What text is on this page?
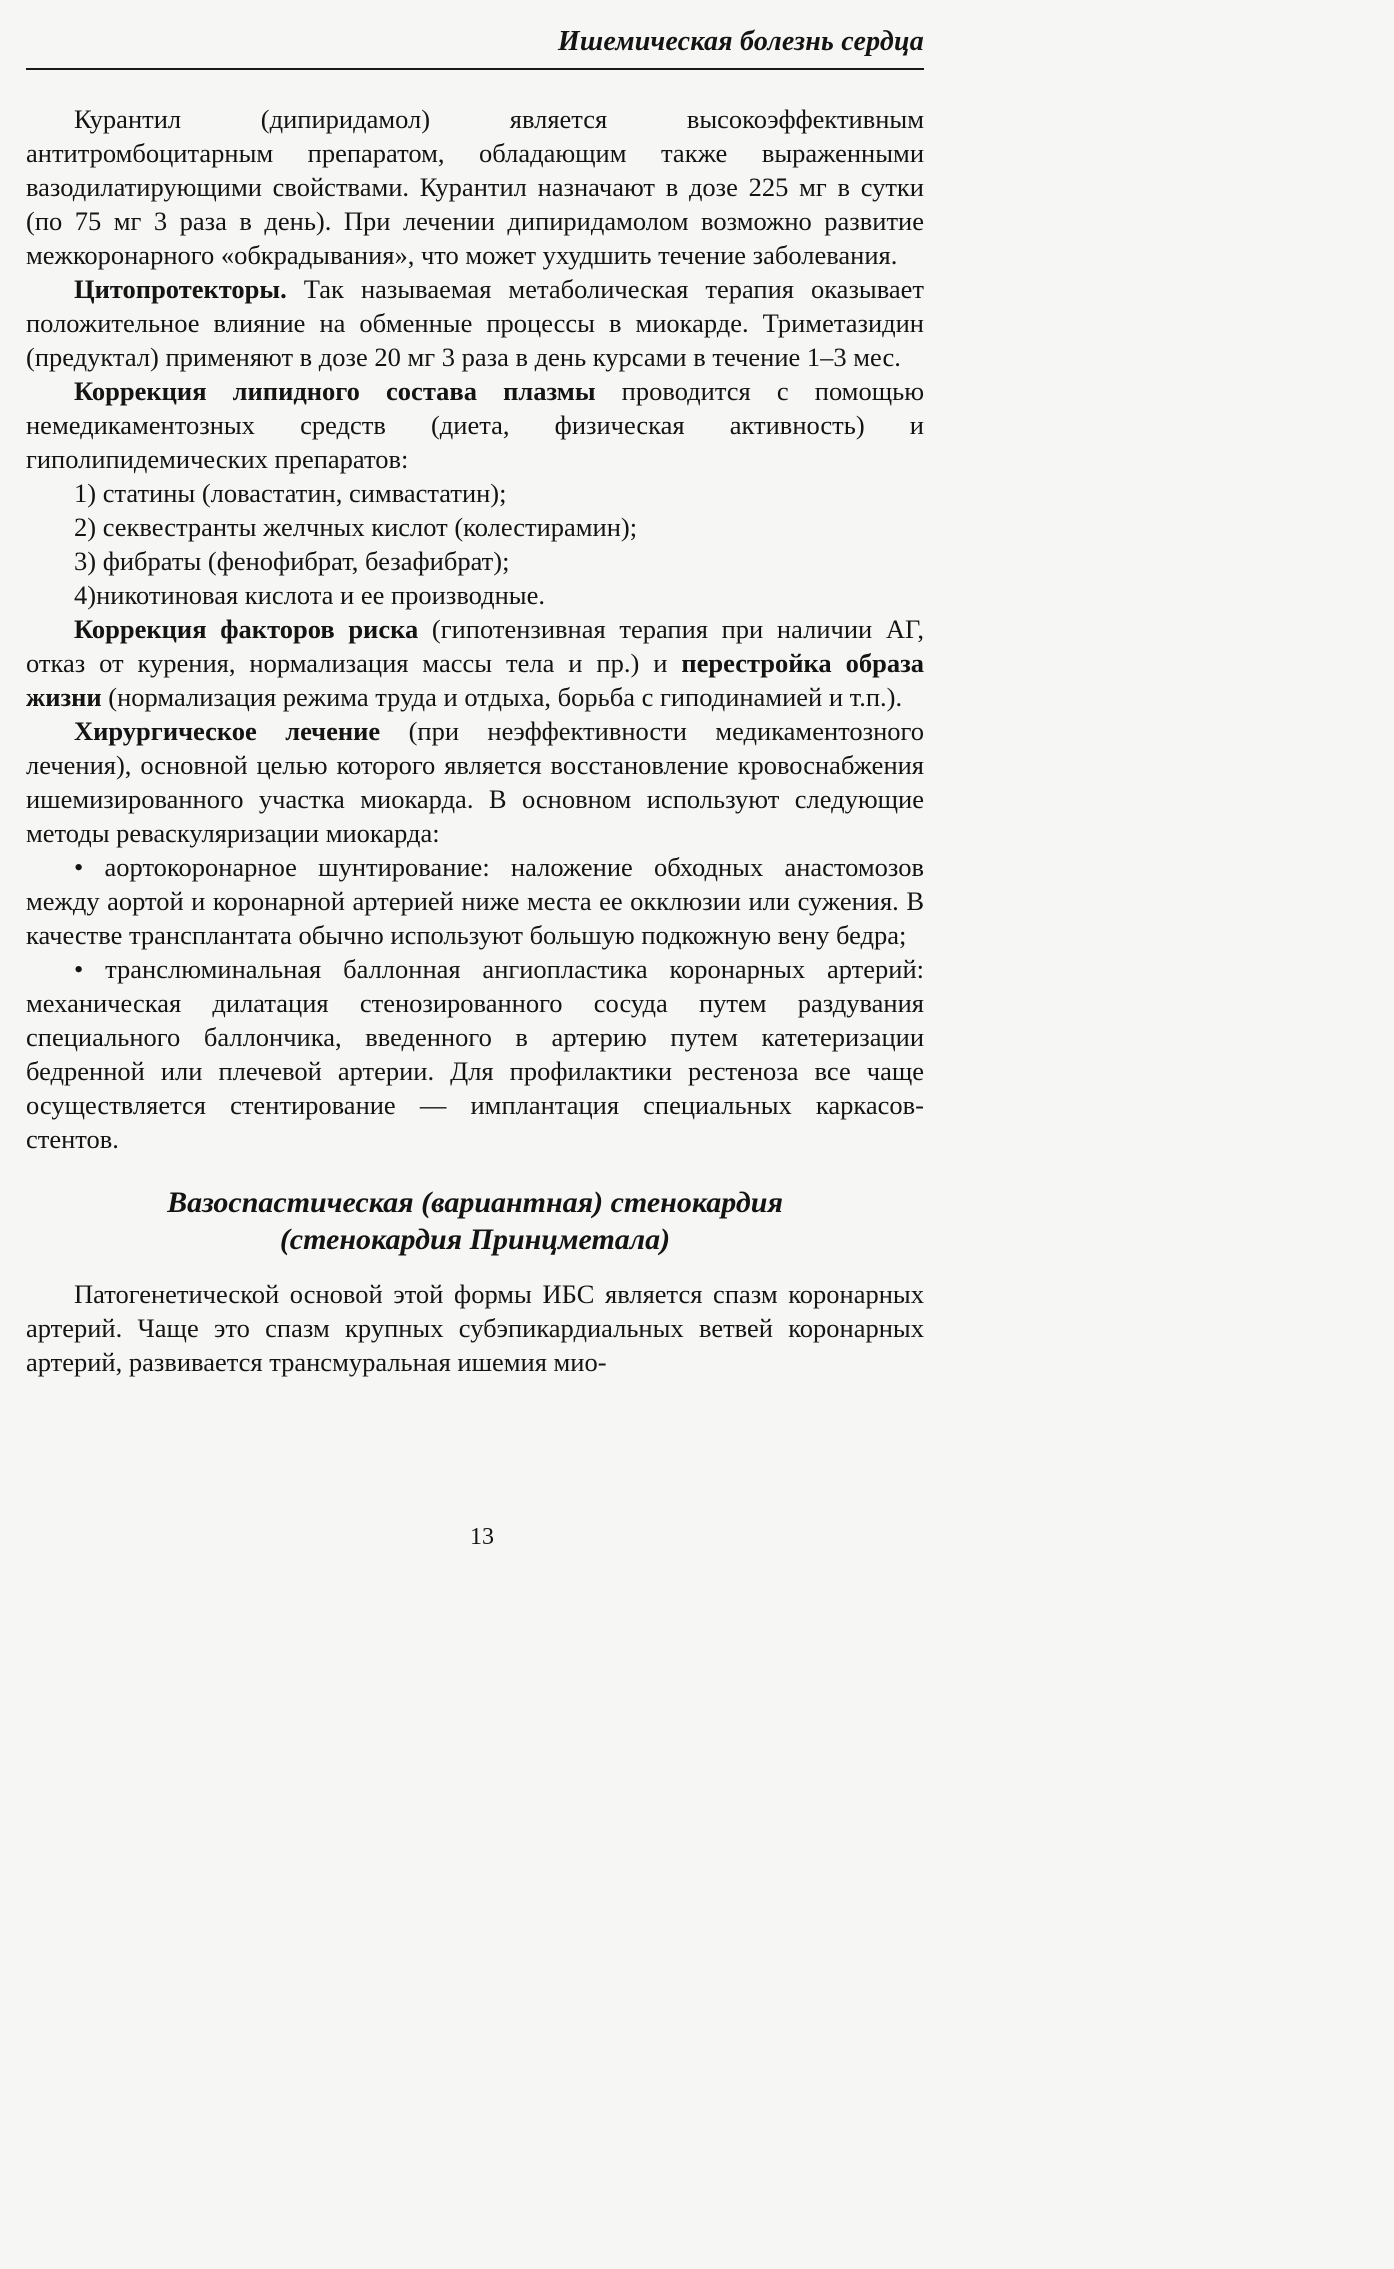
Ишемическая болезнь сердца

Курантил (дипиридамол) является высокоэффективным антитромбоцитарным препаратом, обладающим также выраженными вазодилатирующими свойствами. Курантил назначают в дозе 225 мг в сутки (по 75 мг 3 раза в день). При лечении дипиридамолом возможно развитие межкоронарного «обкрадывания», что может ухудшить течение заболевания.

Цитопротекторы. Так называемая метаболическая терапия оказывает положительное влияние на обменные процессы в миокарде. Триметазидин (предуктал) применяют в дозе 20 мг 3 раза в день курсами в течение 1–3 мес.

Коррекция липидного состава плазмы проводится с помощью немедикаментозных средств (диета, физическая активность) и гиполипидемических препаратов:

1) статины (ловастатин, симвастатин);

2) секвестранты желчных кислот (колестирамин);

3) фибраты (фенофибрат, безафибрат);

4)никотиновая кислота и ее производные.

Коррекция факторов риска (гипотензивная терапия при наличии АГ, отказ от курения, нормализация массы тела и пр.) и перестройка образа жизни (нормализация режима труда и отдыха, борьба с гиподинамией и т.п.).

Хирургическое лечение (при неэффективности медикаментозного лечения), основной целью которого является восстановление кровоснабжения ишемизированного участка миокарда. В основном используют следующие методы реваскуляризации миокарда:

• аортокоронарное шунтирование: наложение обходных анастомозов между аортой и коронарной артерией ниже места ее окклюзии или сужения. В качестве трансплантата обычно используют большую подкожную вену бедра;

• транслюминальная баллонная ангиопластика коронарных артерий: механическая дилатация стенозированного сосуда путем раздувания специального баллончика, введенного в артерию путем катетеризации бедренной или плечевой артерии. Для профилактики рестеноза все чаще осуществляется стентирование — имплантация специальных каркасов-стентов.

Вазоспастическая (вариантная) стенокардия
(стенокардия Принцметала)

Патогенетической основой этой формы ИБС является спазм коронарных артерий. Чаще это спазм крупных субэпикардиальных ветвей коронарных артерий, развивается трансмуральная ишемия мио-

13
